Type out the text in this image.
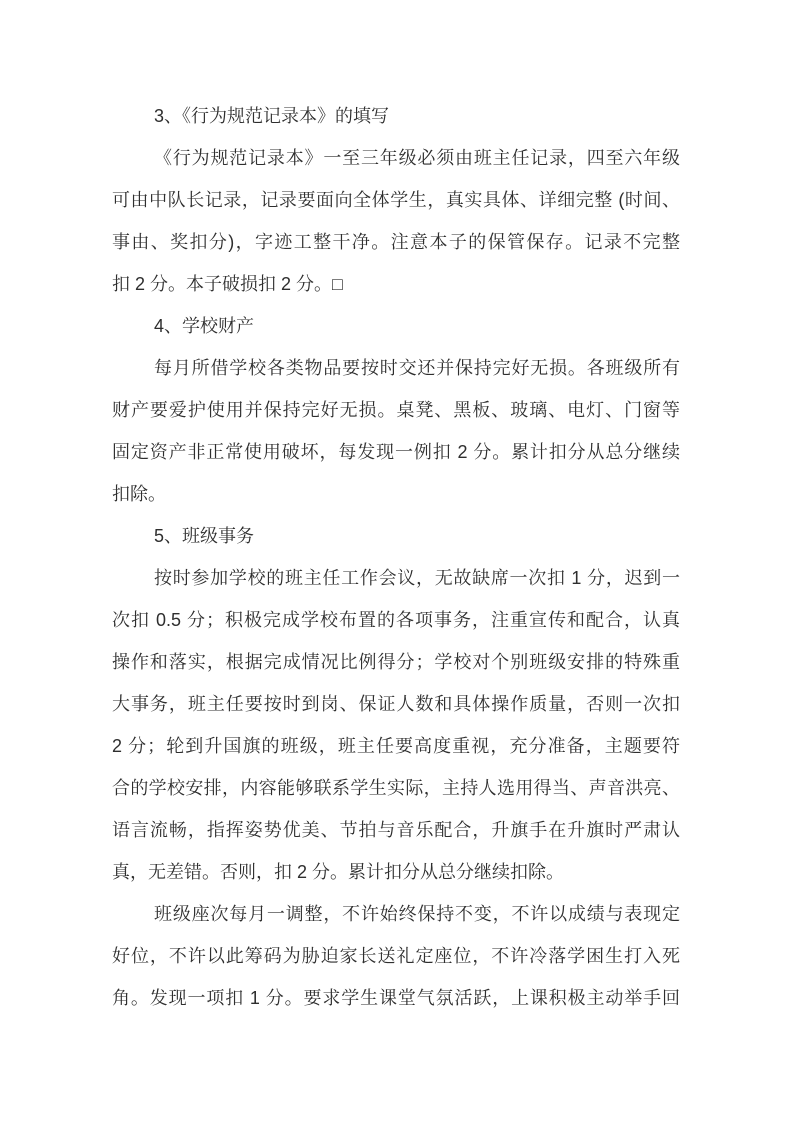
3、《行为规范记录本》的填写
《行为规范记录本》一至三年级必须由班主任记录，四至六年级
可由中队长记录，记录要面向全体学生，真实具体、详细完整 (时间、
事由、奖扣分)，字迹工整干净。注意本子的保管保存。记录不完整
扣 2 分。本子破损扣 2 分。□
4、学校财产
每月所借学校各类物品要按时交还并保持完好无损。各班级所有
财产要爱护使用并保持完好无损。桌凳、黑板、玻璃、电灯、门窗等
固定资产非正常使用破坏，每发现一例扣 2 分。累计扣分从总分继续
扣除。
5、班级事务
按时参加学校的班主任工作会议，无故缺席一次扣 1 分，迟到一
次扣 0.5 分；积极完成学校布置的各项事务，注重宣传和配合，认真
操作和落实，根据完成情况比例得分；学校对个别班级安排的特殊重
大事务，班主任要按时到岗、保证人数和具体操作质量，否则一次扣
2 分；轮到升国旗的班级，班主任要高度重视，充分准备，主题要符
合的学校安排，内容能够联系学生实际，主持人选用得当、声音洪亮、
语言流畅，指挥姿势优美、节拍与音乐配合，升旗手在升旗时严肃认
真，无差错。否则，扣 2 分。累计扣分从总分继续扣除。
班级座次每月一调整，不许始终保持不变，不许以成绩与表现定
好位，不许以此筹码为胁迫家长送礼定座位，不许冷落学困生打入死
角。发现一项扣 1 分。要求学生课堂气氛活跃，上课积极主动举手回
